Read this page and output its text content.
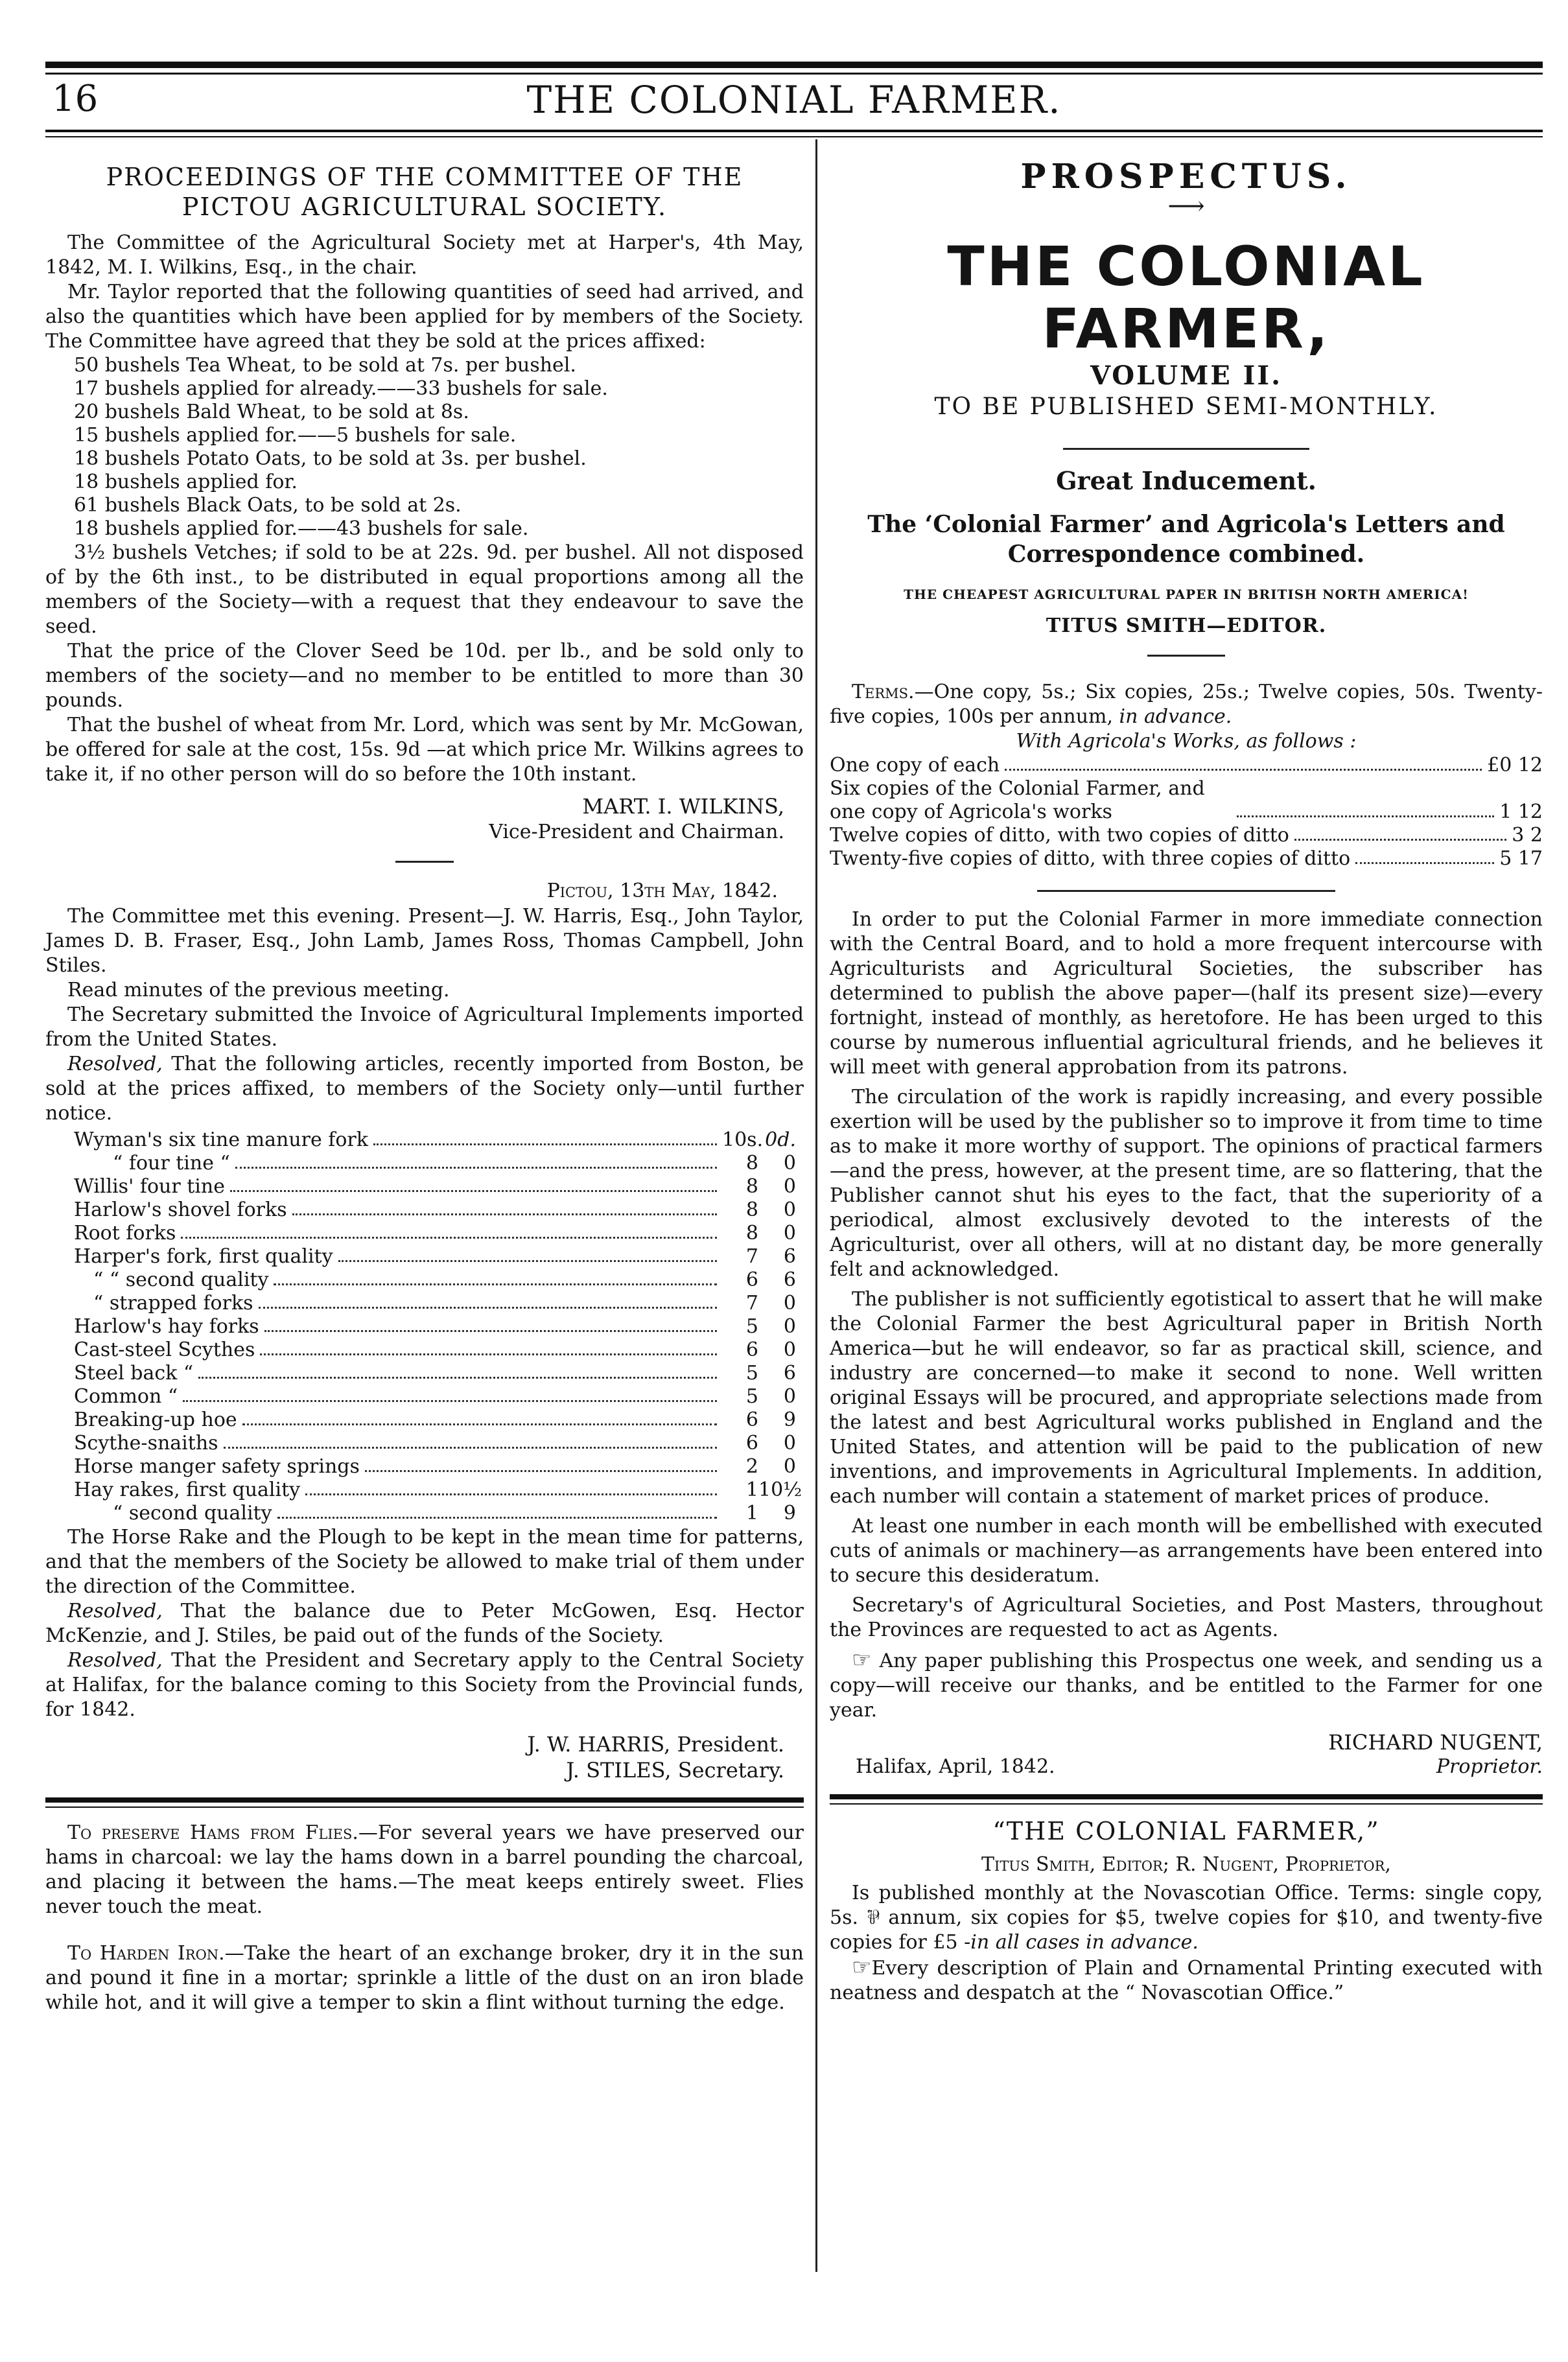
16	THE COLONIAL FARMER.

PROCEEDINGS OF THE COMMITTEE OF THE

PICTOU AGRICULTURAL SOCIETY.

The Committee of the Agricultural Society met at Harper's, 4th May, 1842, M. I. Wilkins, Esq., in the chair.

Mr. Taylor reported that the following quantities of seed had arrived, and also the quantities which have been applied for by members of the Society. The Committee have agreed that they be sold at the prices affixed:

50 bushels Tea Wheat, to be sold at 7s. per bushel.

17 bushels applied for already.——33 bushels for sale.

20 bushels Bald Wheat, to be sold at 8s.

15 bushels applied for.——5 bushels for sale.

18 bushels Potato Oats, to be sold at 3s. per bushel.

18 bushels applied for.

61 bushels Black Oats, to be sold at 2s.

18 bushels applied for.——43 bushels for sale.

3½ bushels Vetches; if sold to be at 22s. 9d. per bushel. All not disposed of by the 6th inst., to be distributed in equal proportions among all the members of the Society—with a request that they endeavour to save the seed.

That the price of the Clover Seed be 10d. per lb., and be sold only to members of the society—and no member to be entitled to more than 30 pounds.

That the bushel of wheat from Mr. Lord, which was sent by Mr. McGowan, be offered for sale at the cost, 15s. 9d —at which price Mr. Wilkins agrees to take it, if no other person will do so before the 10th instant.

MART. I. WILKINS,

Vice-President and Chairman.

Pictou, 13th May, 1842.

The Committee met this evening. Present—J. W. Harris, Esq., John Taylor, James D. B. Fraser, Esq., John Lamb, James Ross, Thomas Campbell, John Stiles.

Read minutes of the previous meeting.

The Secretary submitted the Invoice of Agricultural Implements imported from the United States.

Resolved, That the following articles, recently imported from Boston, be sold at the prices affixed, to members of the Society only—until further notice.

Wyman's six tine manure fork	10s. 0d.
“ four tine “	8	0
Willis' four tine	8	0
Harlow's shovel forks	8	0
Root forks	8	0
Harper's fork, first quality	7	6
“ “ second quality	6	6
“ strapped forks	7	0
Harlow's hay forks	5	0
Cast-steel Scythes	6	0
Steel back “	5	6
Common “	5	0
Breaking-up hoe	6	9
Scythe-snaiths	6	0
Horse manger safety springs	2	0
Hay rakes, first quality	1 10½
“ second quality	1	9

The Horse Rake and the Plough to be kept in the mean time for patterns, and that the members of the Society be allowed to make trial of them under the direction of the Committee.

Resolved, That the balance due to Peter McGowen, Esq. Hector McKenzie, and J. Stiles, be paid out of the funds of the Society.

Resolved, That the President and Secretary apply to the Central Society at Halifax, for the balance coming to this Society from the Provincial funds, for 1842.

J. W. HARRIS, President.

J. STILES, Secretary.

To preserve Hams from Flies.—For several years we have preserved our hams in charcoal: we lay the hams down in a barrel pounding the charcoal, and placing it between the hams.—The meat keeps entirely sweet. Flies never touch the meat.

To Harden Iron.—Take the heart of an exchange broker, dry it in the sun and pound it fine in a mortar; sprinkle a little of the dust on an iron blade while hot, and it will give a temper to skin a flint without turning the edge.

PROSPECTUS.

⟶

THE COLONIAL FARMER,

VOLUME II.

TO BE PUBLISHED SEMI-MONTHLY.

Great Inducement.

The ‘Colonial Farmer’ and Agricola's Letters and

Correspondence combined.

THE CHEAPEST AGRICULTURAL PAPER IN BRITISH NORTH AMERICA!

TITUS SMITH—EDITOR.

Terms.—One copy, 5s.; Six copies, 25s.; Twelve copies, 50s. Twenty-five copies, 100s per annum, in advance.

With Agricola's Works, as follows :

One copy of each	£0 12
Six copies of the Colonial Farmer, and one copy of Agricola's works	1 12
Twelve copies of ditto, with two copies of ditto	3 2
Twenty-five copies of ditto, with three copies of ditto	5 17

In order to put the Colonial Farmer in more immediate connection with the Central Board, and to hold a more frequent intercourse with Agriculturists and Agricultural Societies, the subscriber has determined to publish the above paper—(half its present size)—every fortnight, instead of monthly, as heretofore. He has been urged to this course by numerous influential agricultural friends, and he believes it will meet with general approbation from its patrons.

The circulation of the work is rapidly increasing, and every possible exertion will be used by the publisher so to improve it from time to time as to make it more worthy of support. The opinions of practical farmers—and the press, however, at the present time, are so flattering, that the Publisher cannot shut his eyes to the fact, that the superiority of a periodical, almost exclusively devoted to the interests of the Agriculturist, over all others, will at no distant day, be more generally felt and acknowledged.

The publisher is not sufficiently egotistical to assert that he will make the Colonial Farmer the best Agricultural paper in British North America—but he will endeavor, so far as practical skill, science, and industry are concerned—to make it second to none. Well written original Essays will be procured, and appropriate selections made from the latest and best Agricultural works published in England and the United States, and attention will be paid to the publication of new inventions, and improvements in Agricultural Implements. In addition, each number will contain a statement of market prices of produce.

At least one number in each month will be embellished with executed cuts of animals or machinery—as arrangements have been entered into to secure this desideratum.

Secretary's of Agricultural Societies, and Post Masters, throughout the Provinces are requested to act as Agents.

☞ Any paper publishing this Prospectus one week, and sending us a copy—will receive our thanks, and be entitled to the Farmer for one year.

RICHARD NUGENT,

Halifax, April, 1842.	Proprietor.

“THE COLONIAL FARMER,”

Titus Smith, Editor; R. Nugent, Proprietor,

Is published monthly at the Novascotian Office. Terms: single copy, 5s. ⅌ annum, six copies for $5, twelve copies for $10, and twenty-five copies for £5 -in all cases in advance.

☞Every description of Plain and Ornamental Printing executed with neatness and despatch at the “ Novascotian Office.”
